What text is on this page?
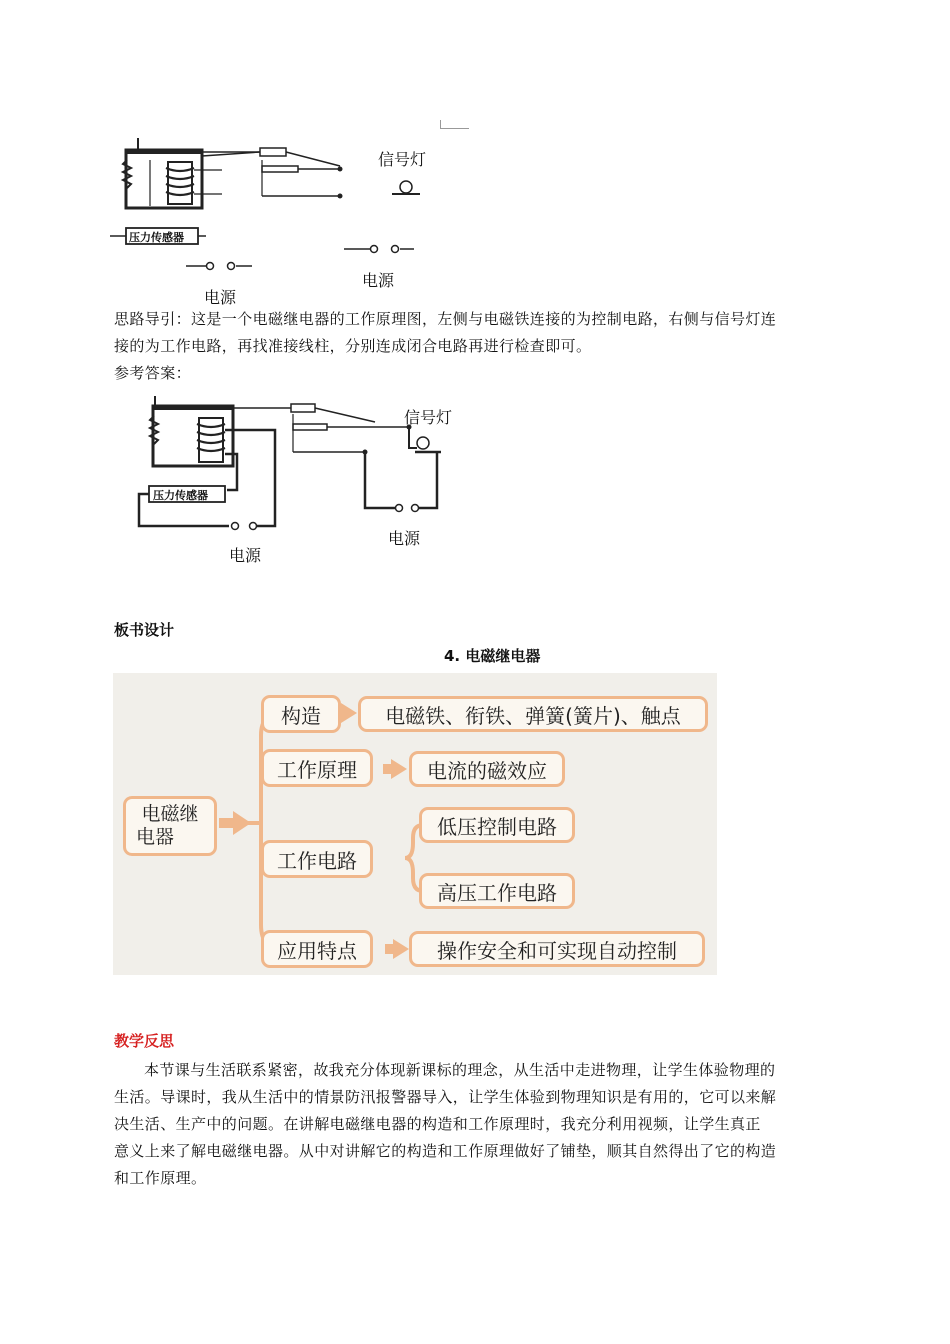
信号灯
压力传感器
电源
电源
思路导引：这是一个电磁继电器的工作原理图，左侧与电磁铁连接的为控制电路，右侧与信号灯连
接的为工作电路，再找准接线柱，分别连成闭合电路再进行检查即可。
参考答案：
信号灯
压力传感器
电源
电源
板书设计
4. 电磁继电器
电磁继
电器
构造	电磁铁、衔铁、弹簧(簧片)、触点
工作原理	电流的磁效应
工作电路
低压控制电路
高压工作电路
应用特点	操作安全和可实现自动控制
教学反思
本节课与生活联系紧密，故我充分体现新课标的理念，从生活中走进物理，让学生体验物理的
生活。导课时，我从生活中的情景防汛报警器导入，让学生体验到物理知识是有用的，它可以来解
决生活、生产中的问题。在讲解电磁继电器的构造和工作原理时，我充分利用视频，让学生真正
意义上来了解电磁继电器。从中对讲解它的构造和工作原理做好了铺垫，顺其自然得出了它的构造
和工作原理。
